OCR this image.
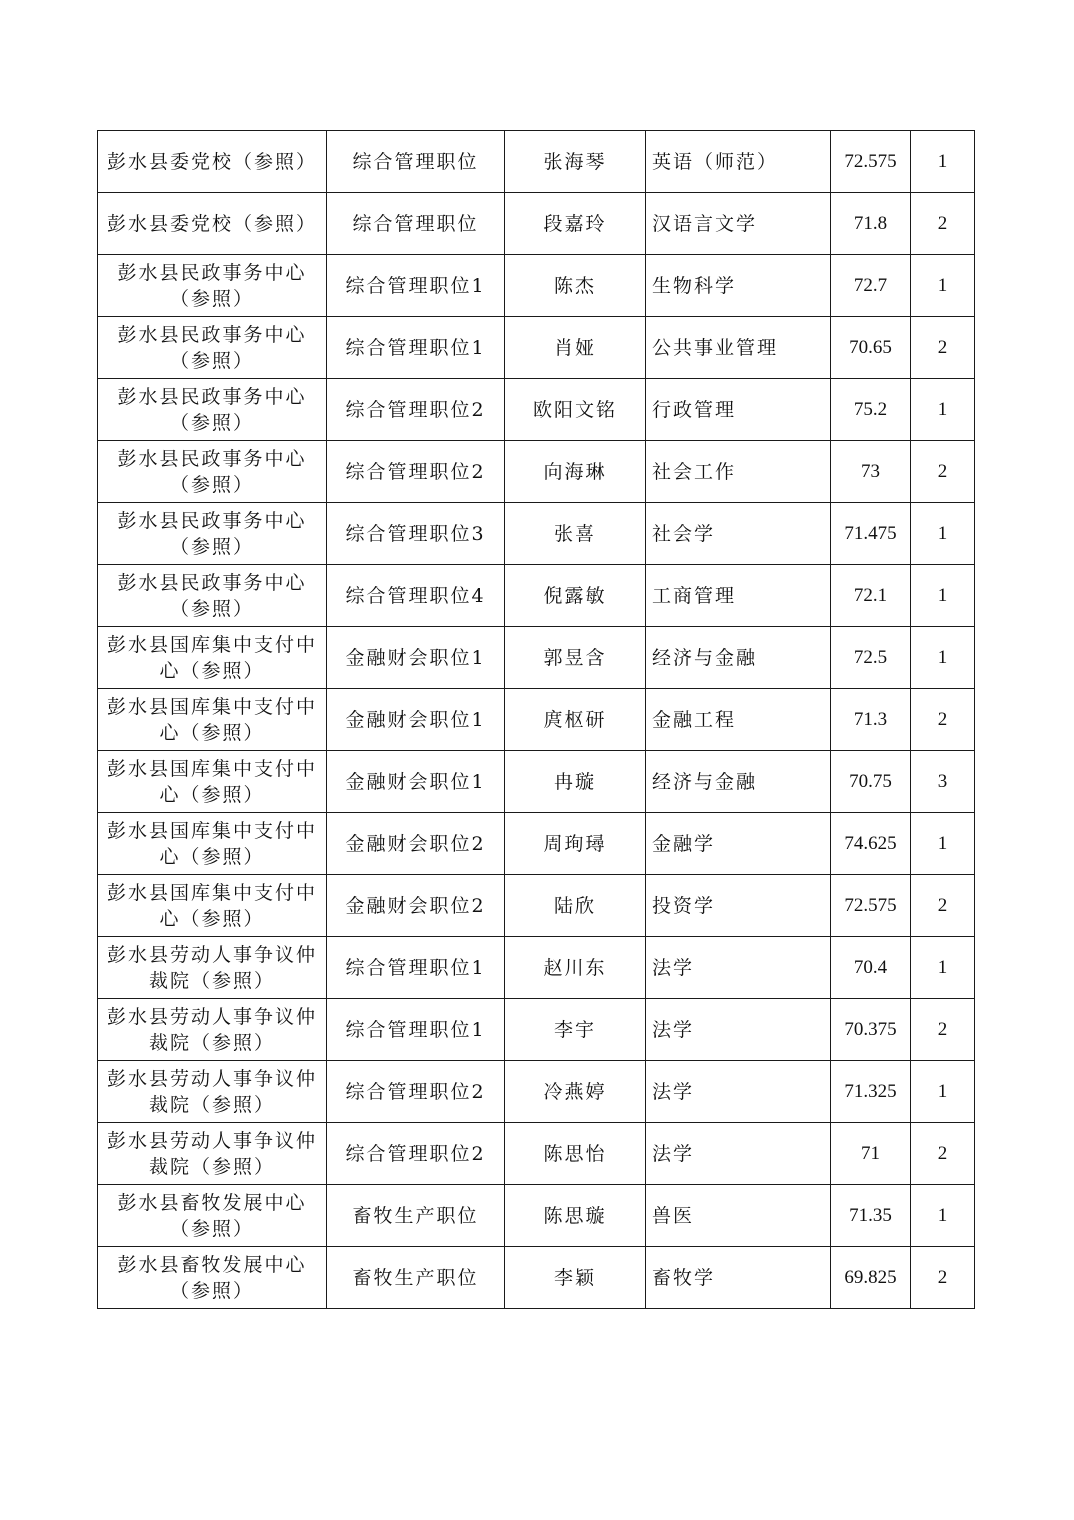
彭水县委党校（参照）	综合管理职位	张海琴	英语（师范）	72.575	1
彭水县委党校（参照）	综合管理职位	段嘉玲	汉语言文学	71.8	2
彭水县民政事务中心（参照）	综合管理职位1	陈杰	生物科学	72.7	1
彭水县民政事务中心（参照）	综合管理职位1	肖娅	公共事业管理	70.65	2
彭水县民政事务中心（参照）	综合管理职位2	欧阳文铭	行政管理	75.2	1
彭水县民政事务中心（参照）	综合管理职位2	向海琳	社会工作	73	2
彭水县民政事务中心（参照）	综合管理职位3	张喜	社会学	71.475	1
彭水县民政事务中心（参照）	综合管理职位4	倪露敏	工商管理	72.1	1
彭水县国库集中支付中心（参照）	金融财会职位1	郭昱含	经济与金融	72.5	1
彭水县国库集中支付中心（参照）	金融财会职位1	庹枢研	金融工程	71.3	2
彭水县国库集中支付中心（参照）	金融财会职位1	冉璇	经济与金融	70.75	3
彭水县国库集中支付中心（参照）	金融财会职位2	周珣璕	金融学	74.625	1
彭水县国库集中支付中心（参照）	金融财会职位2	陆欣	投资学	72.575	2
彭水县劳动人事争议仲裁院（参照）	综合管理职位1	赵川东	法学	70.4	1
彭水县劳动人事争议仲裁院（参照）	综合管理职位1	李宇	法学	70.375	2
彭水县劳动人事争议仲裁院（参照）	综合管理职位2	冷燕婷	法学	71.325	1
彭水县劳动人事争议仲裁院（参照）	综合管理职位2	陈思怡	法学	71	2
彭水县畜牧发展中心（参照）	畜牧生产职位	陈思璇	兽医	71.35	1
彭水县畜牧发展中心（参照）	畜牧生产职位	李颖	畜牧学	69.825	2
